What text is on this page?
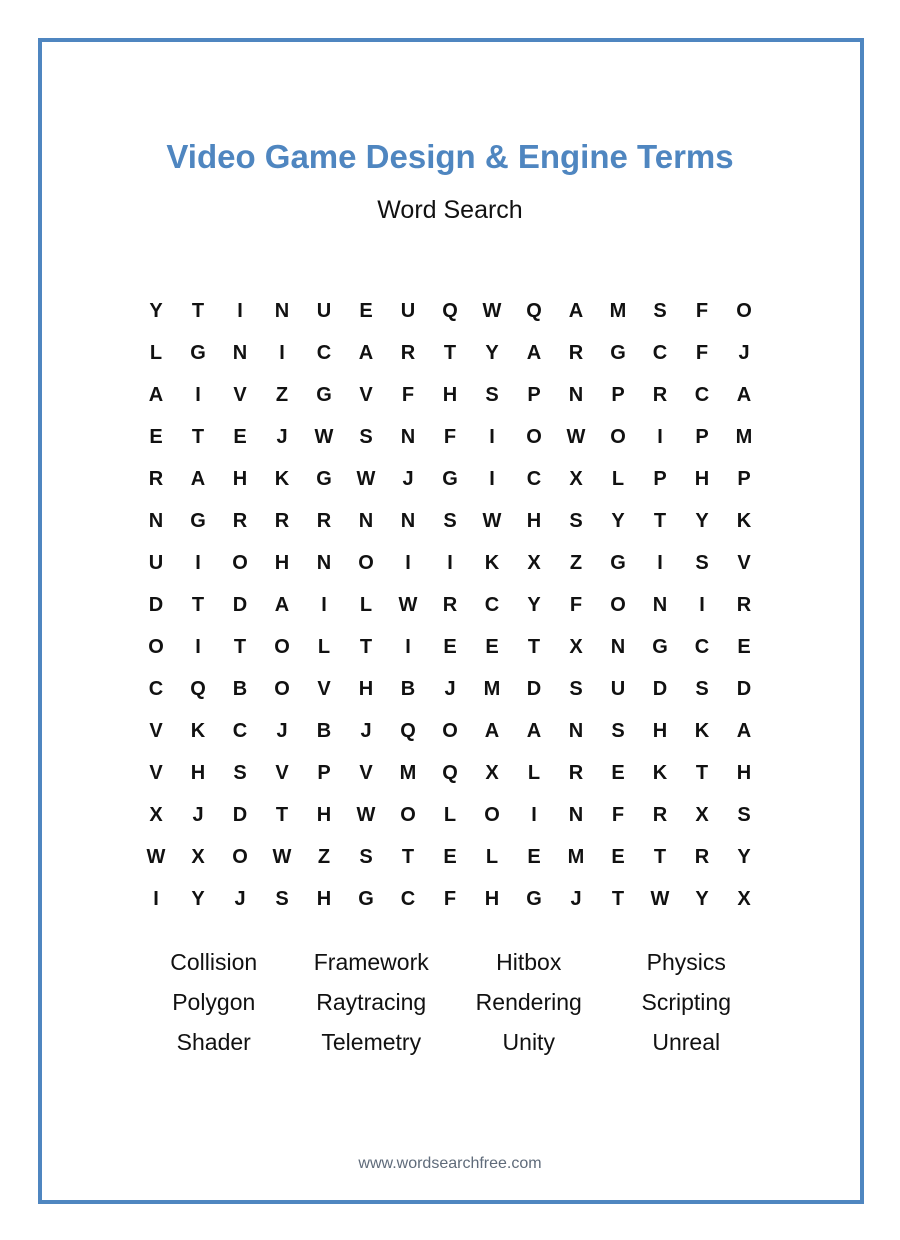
Video Game Design & Engine Terms
Word Search
Y	T	I	N	U	E	U	Q	W	Q	A	M	S	F	O
L	G	N	I	C	A	R	T	Y	A	R	G	C	F	J
A	I	V	Z	G	V	F	H	S	P	N	P	R	C	A
E	T	E	J	W	S	N	F	I	O	W	O	I	P	M
R	A	H	K	G	W	J	G	I	C	X	L	P	H	P
N	G	R	R	R	N	N	S	W	H	S	Y	T	Y	K
U	I	O	H	N	O	I	I	K	X	Z	G	I	S	V
D	T	D	A	I	L	W	R	C	Y	F	O	N	I	R
O	I	T	O	L	T	I	E	E	T	X	N	G	C	E
C	Q	B	O	V	H	B	J	M	D	S	U	D	S	D
V	K	C	J	B	J	Q	O	A	A	N	S	H	K	A
V	H	S	V	P	V	M	Q	X	L	R	E	K	T	H
X	J	D	T	H	W	O	L	O	I	N	F	R	X	S
W	X	O	W	Z	S	T	E	L	E	M	E	T	R	Y
I	Y	J	S	H	G	C	F	H	G	J	T	W	Y	X
Collision	Framework	Hitbox	Physics
Polygon	Raytracing	Rendering	Scripting
Shader	Telemetry	Unity	Unreal
www.wordsearchfree.com
